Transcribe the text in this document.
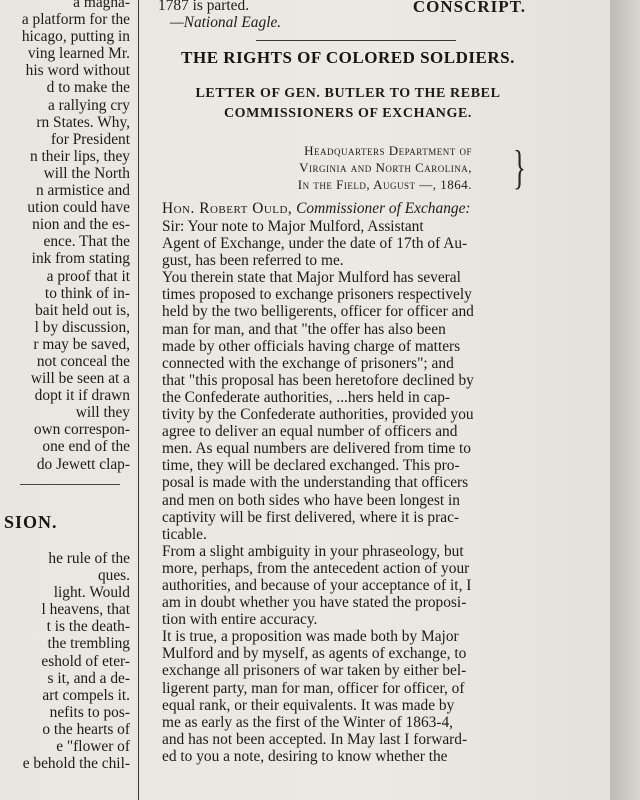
a magna-
a platform for the
hicago, putting in
ving learned Mr.
his word without
d to make the
a rallying cry
rn States. Why,
for President
n their lips, they
will the North
n armistice and
ution could have
nion and the es-
ence. That the
ink from stating
a proof that it
to think of in-
bait held out is,
l by discussion,
r may be saved,
not conceal the
will be seen at a
dopt it if drawn
will they
own correspon-
one end of the
do Jewett clap-
SION.
he rule of the
ques.
light. Would
l heavens, that
t is the death-
the trembling
eshold of eter-
s it, and a de-
art compels it.
nefits to pos-
o the hearts of
e "flower of
e behold the chil-
1787 is parted.
—National Eagle.
CONSCRIPT.
THE RIGHTS OF COLORED SOLDIERS.
LETTER OF GEN. BUTLER TO THE REBEL
COMMISSIONERS OF EXCHANGE.
Headquarters Department of
Virginia and North Carolina,
In the Field, August —, 1864. }
Hon. Robert Ould, Commissioner of Exchange:
Sir: Your note to Major Mulford, Assistant
Agent of Exchange, under the date of 17th of Au-
gust, has been referred to me.
You therein state that Major Mulford has several
times proposed to exchange prisoners respectively
held by the two belligerents, officer for officer and
man for man, and that "the offer has also been
made by other officials having charge of matters
connected with the exchange of prisoners"; and
that "this proposal has been heretofore declined by
the Confederate authorities, ...hers held in cap-
tivity by the Confederate authorities, provided you
agree to deliver an equal number of officers and
men. As equal numbers are delivered from time to
time, they will be declared exchanged. This pro-
posal is made with the understanding that officers
and men on both sides who have been longest in
captivity will be first delivered, where it is prac-
ticable.
From a slight ambiguity in your phraseology, but
more, perhaps, from the antecedent action of your
authorities, and because of your acceptance of it, I
am in doubt whether you have stated the proposi-
tion with entire accuracy.
It is true, a proposition was made both by Major
Mulford and by myself, as agents of exchange, to
exchange all prisoners of war taken by either bel-
ligerent party, man for man, officer for officer, of
equal rank, or their equivalents. It was made by
me as early as the first of the Winter of 1863-4,
and has not been accepted. In May last I forward-
ed to you a note, desiring to know whether the
